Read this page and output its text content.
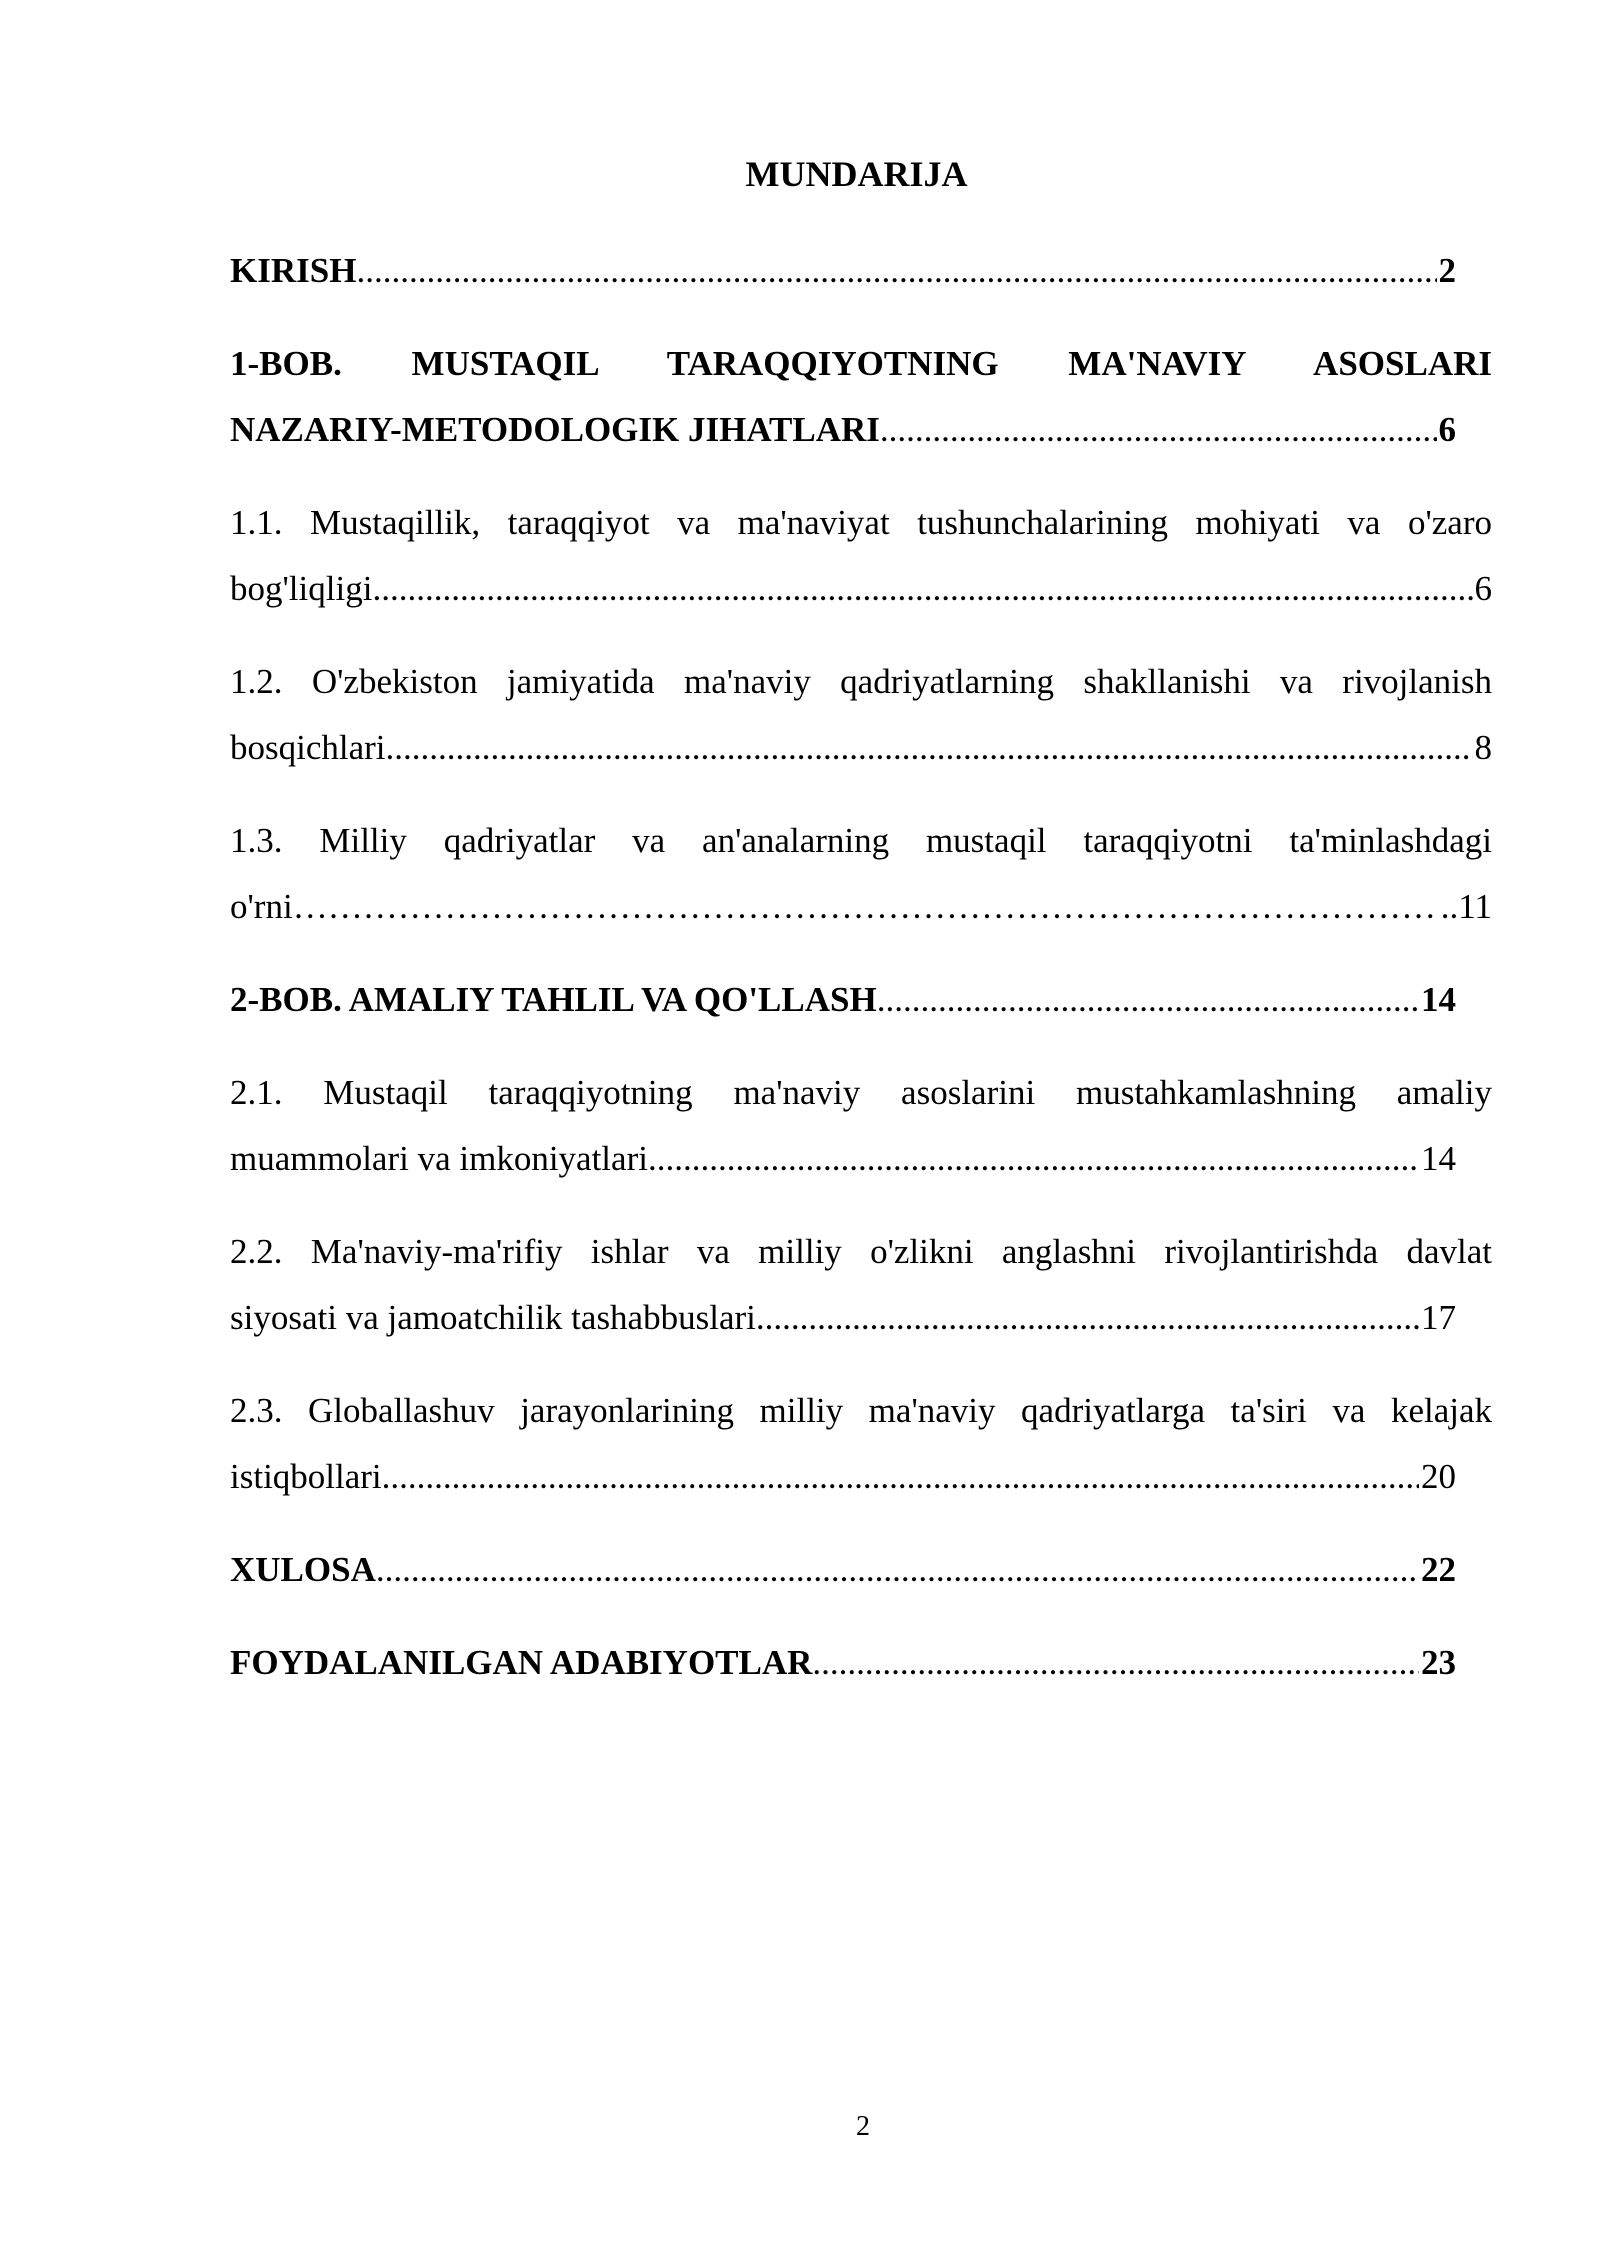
MUNDARIJA
KIRISH .....	2
1-BOB. MUSTAQIL TARAQQIYOTNING MA'NAVIY ASOSLARI
NAZARIY-METODOLOGIK JIHATLARI .....	6
1.1. Mustaqillik, taraqqiyot va ma'naviyat tushunchalarining mohiyati va o'zaro
bog'liqligi .....	6
1.2. O'zbekiston jamiyatida ma'naviy qadriyatlarning shakllanishi va rivojlanish
bosqichlari .....	8
1.3. Milliy qadriyatlar va an'analarning mustaqil taraqqiyotni ta'minlashdagi
o'rni ………………………………………………………………………………………………………………………………………………………………………………………………………………	..11
2-BOB. AMALIY TAHLIL VA QO'LLASH .....	14
2.1. Mustaqil taraqqiyotning ma'naviy asoslarini mustahkamlashning amaliy
muammolari va imkoniyatlari .....	14
2.2. Ma'naviy-ma'rifiy ishlar va milliy o'zlikni anglashni rivojlantirishda davlat
siyosati va jamoatchilik tashabbuslari .....	17
2.3. Globallashuv jarayonlarining milliy ma'naviy qadriyatlarga ta'siri va kelajak
istiqbollari .....	20
XULOSA .....	22
FOYDALANILGAN ADABIYOTLAR .....	23
2
